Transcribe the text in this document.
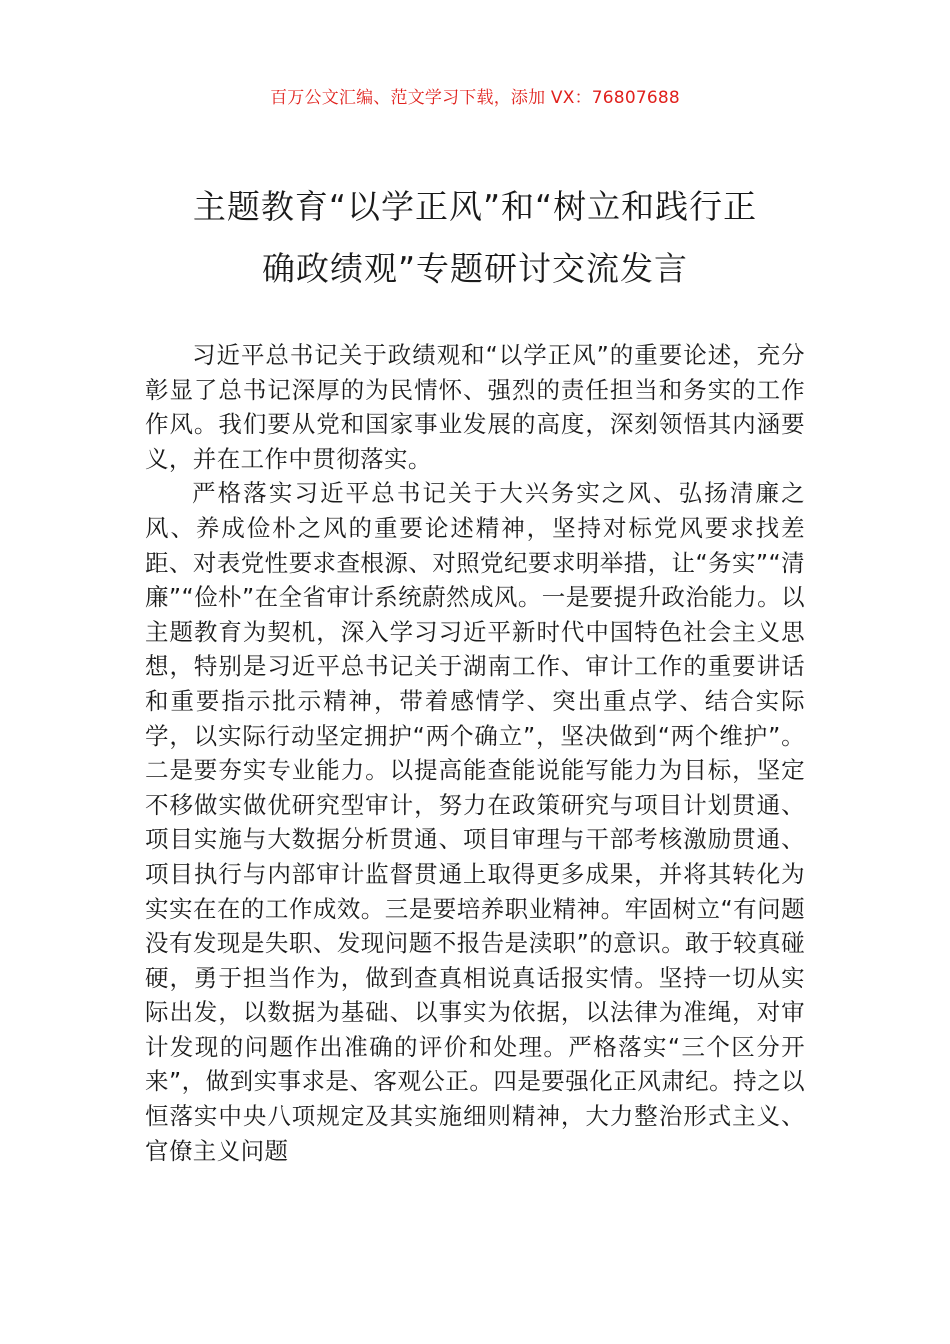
百万公文汇编、范文学习下载，添加 VX：76807688
主题教育“以学正风”和“树立和践行正
确政绩观”专题研讨交流发言

习近平总书记关于政绩观和“以学正风”的重要论述，充分彰显了总书记深厚的为民情怀、强烈的责任担当和务实的工作作风。我们要从党和国家事业发展的高度，深刻领悟其内涵要义，并在工作中贯彻落实。

严格落实习近平总书记关于大兴务实之风、弘扬清廉之风、养成俭朴之风的重要论述精神，坚持对标党风要求找差距、对表党性要求查根源、对照党纪要求明举措，让“务实”“清廉”“俭朴”在全省审计系统蔚然成风。一是要提升政治能力。以主题教育为契机，深入学习习近平新时代中国特色社会主义思想，特别是习近平总书记关于湖南工作、审计工作的重要讲话和重要指示批示精神，带着感情学、突出重点学、结合实际学，以实际行动坚定拥护“两个确立”，坚决做到“两个维护”。二是要夯实专业能力。以提高能查能说能写能力为目标，坚定不移做实做优研究型审计，努力在政策研究与项目计划贯通、项目实施与大数据分析贯通、项目审理与干部考核激励贯通、项目执行与内部审计监督贯通上取得更多成果，并将其转化为实实在在的工作成效。三是要培养职业精神。牢固树立“有问题没有发现是失职、发现问题不报告是渎职”的意识。敢于较真碰硬，勇于担当作为，做到查真相说真话报实情。坚持一切从实际出发，以数据为基础、以事实为依据，以法律为准绳，对审计发现的问题作出准确的评价和处理。严格落实“三个区分开来”，做到实事求是、客观公正。四是要强化正风肃纪。持之以恒落实中央八项规定及其实施细则精神，大力整治形式主义、官僚主义问题
